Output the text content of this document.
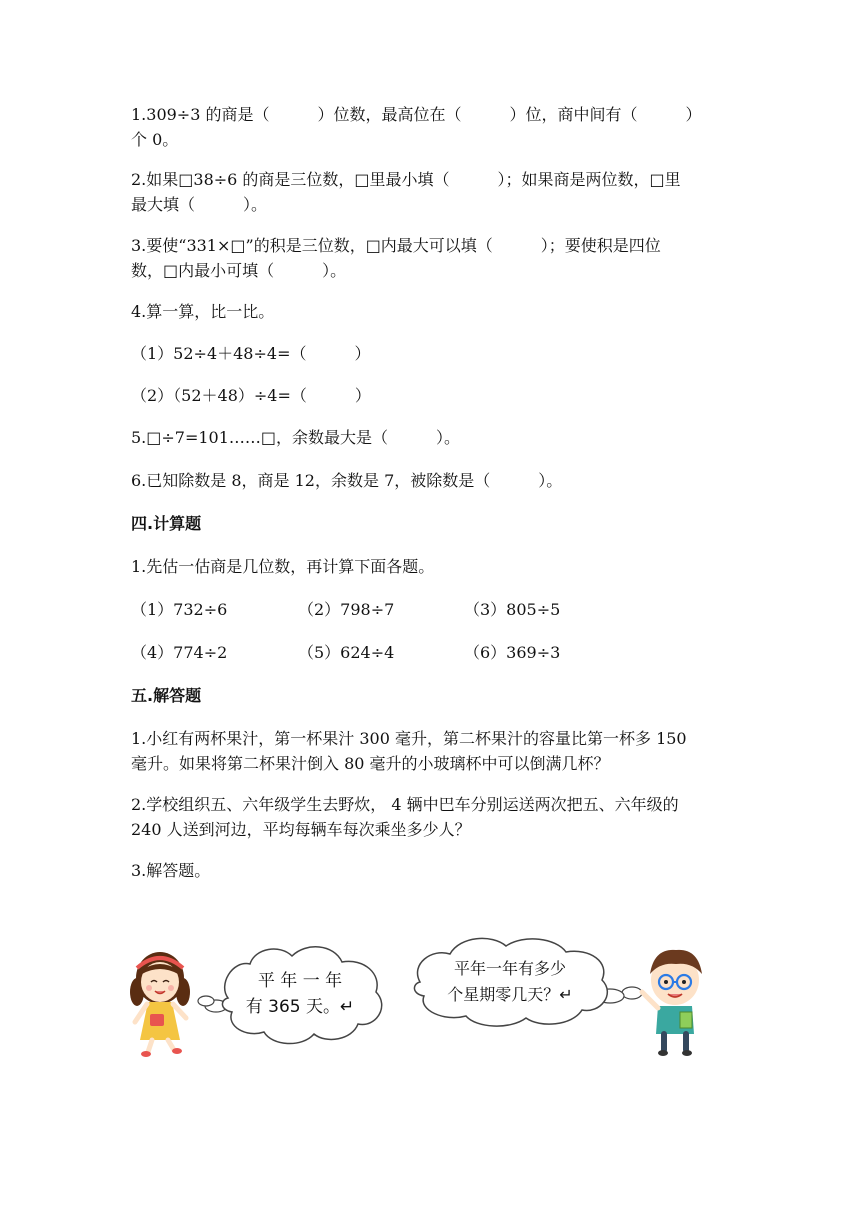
1.309÷3 的商是（　　　）位数，最高位在（　　　）位，商中间有（　　　）
个 0。
2.如果□38÷6 的商是三位数，□里最小填（　　　）；如果商是两位数，□里
最大填（　　　）。
3.要使“331×□”的积是三位数，□内最大可以填（　　　）；要使积是四位
数，□内最小可填（　　　）。
4.算一算，比一比。
（1）52÷4＋48÷4=（　　　）
（2）（52＋48）÷4=（　　　）
5.□÷7=101……□，余数最大是（　　　）。
6.已知除数是 8，商是 12，余数是 7，被除数是（　　　）。
四.计算题
1.先估一估商是几位数，再计算下面各题。
（1）732÷6	（2）798÷7	（3）805÷5
（4）774÷2	（5）624÷4	（6）369÷3
五.解答题
1.小红有两杯果汁，第一杯果汁 300 毫升，第二杯果汁的容量比第一杯多 150
毫升。如果将第二杯果汁倒入 80 毫升的小玻璃杯中可以倒满几杯？
2.学校组织五、六年级学生去野炊， 4 辆中巴车分别运送两次把五、六年级的
240 人送到河边，平均每辆车每次乘坐多少人？
3.解答题。
平 年 一 年
有 365 天。↵
平年一年有多少
个星期零几天？↵
